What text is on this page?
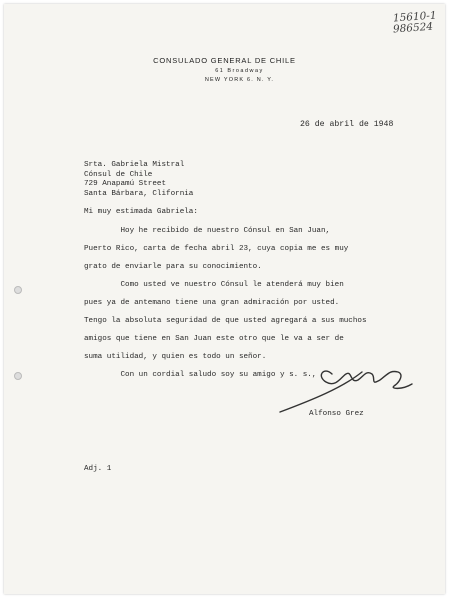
15610-1
986524
CONSULADO GENERAL DE CHILE
61 Broadway
NEW YORK 6. N. Y.
26 de abril de 1948
Srta. Gabriela Mistral
Cónsul de Chile
729 Anapamú Street
Santa Bárbara, Clifornia
Mi muy estimada Gabriela:
Hoy he recibido de nuestro Cónsul en San Juan,
Puerto Rico, carta de fecha abril 23, cuya copia me es muy
grato de enviarle para su conocimiento.
Como usted ve nuestro Cónsul le atenderá muy bien
pues ya de antemano tiene una gran admiración por usted.
Tengo la absoluta seguridad de que usted agregará a sus muchos
amigos que tiene en San Juan este otro que le va a ser de
suma utilidad, y quien es todo un señor.
Con un cordial saludo soy su amigo y s. s.,
Alfonso Grez
Adj. 1
